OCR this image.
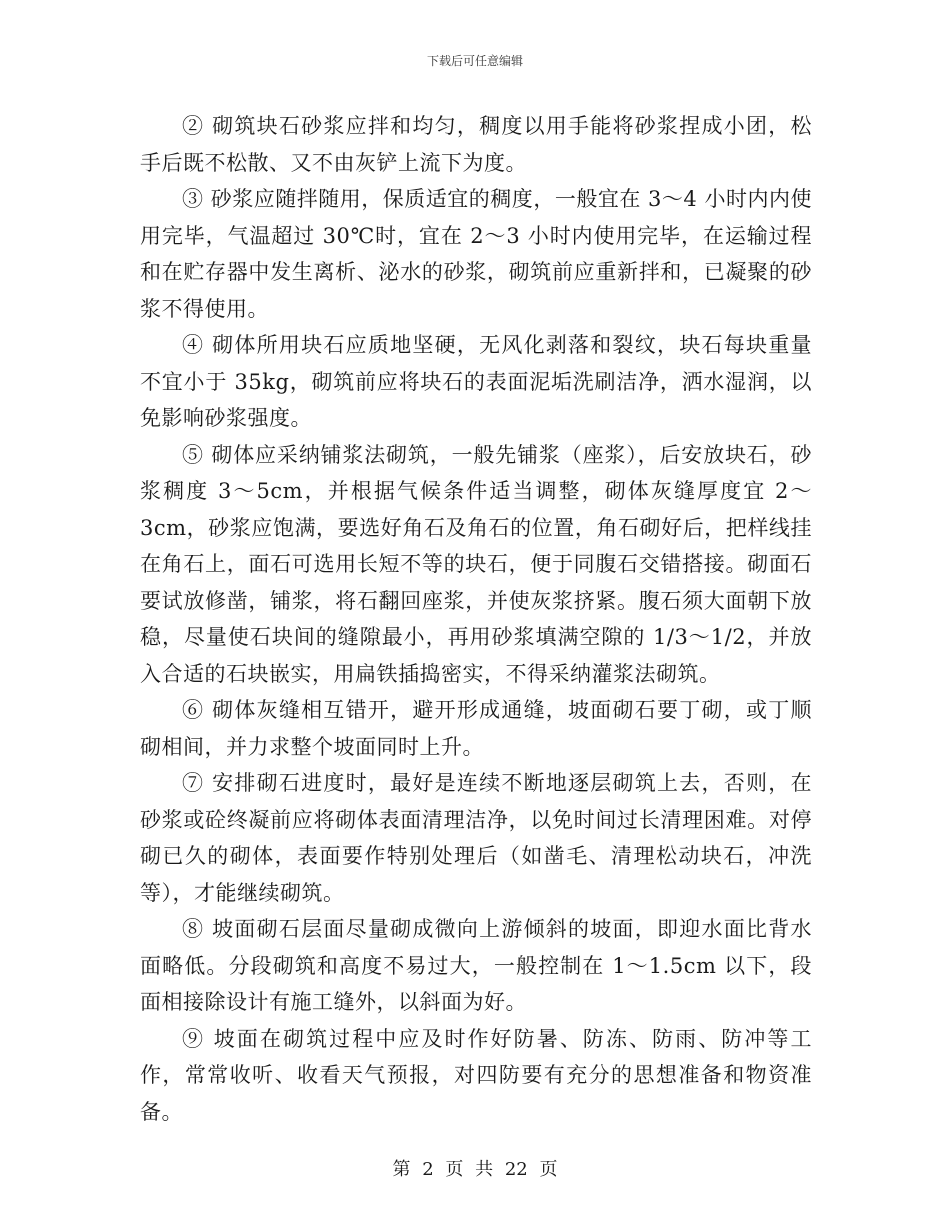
下载后可任意编辑

② 砌筑块石砂浆应拌和均匀，稠度以用手能将砂浆捏成小团，松手后既不松散、又不由灰铲上流下为度。

③ 砂浆应随拌随用，保质适宜的稠度，一般宜在 3～4 小时内内使用完毕，气温超过 30℃时，宜在 2～3 小时内使用完毕，在运输过程和在贮存器中发生离析、泌水的砂浆，砌筑前应重新拌和，已凝聚的砂浆不得使用。

④ 砌体所用块石应质地坚硬，无风化剥落和裂纹，块石每块重量不宜小于 35kg，砌筑前应将块石的表面泥垢洗刷洁净，洒水湿润，以免影响砂浆强度。

⑤ 砌体应采纳铺浆法砌筑，一般先铺浆（座浆），后安放块石，砂浆稠度 3～5cm，并根据气候条件适当调整，砌体灰缝厚度宜 2～3cm，砂浆应饱满，要选好角石及角石的位置，角石砌好后，把样线挂在角石上，面石可选用长短不等的块石，便于同腹石交错搭接。砌面石要试放修凿，铺浆，将石翻回座浆，并使灰浆挤紧。腹石须大面朝下放稳，尽量使石块间的缝隙最小，再用砂浆填满空隙的 1/3～1/2，并放入合适的石块嵌实，用扁铁插捣密实，不得采纳灌浆法砌筑。

⑥ 砌体灰缝相互错开，避开形成通缝，坡面砌石要丁砌，或丁顺砌相间，并力求整个坡面同时上升。

⑦ 安排砌石进度时，最好是连续不断地逐层砌筑上去，否则，在砂浆或砼终凝前应将砌体表面清理洁净，以免时间过长清理困难。对停砌已久的砌体，表面要作特别处理后（如凿毛、清理松动块石，冲洗等），才能继续砌筑。

⑧ 坡面砌石层面尽量砌成微向上游倾斜的坡面，即迎水面比背水面略低。分段砌筑和高度不易过大，一般控制在 1～1.5cm 以下，段面相接除设计有施工缝外，以斜面为好。

⑨ 坡面在砌筑过程中应及时作好防暑、防冻、防雨、防冲等工作，常常收听、收看天气预报，对四防要有充分的思想准备和物资准备。

第 2 页 共 22 页
